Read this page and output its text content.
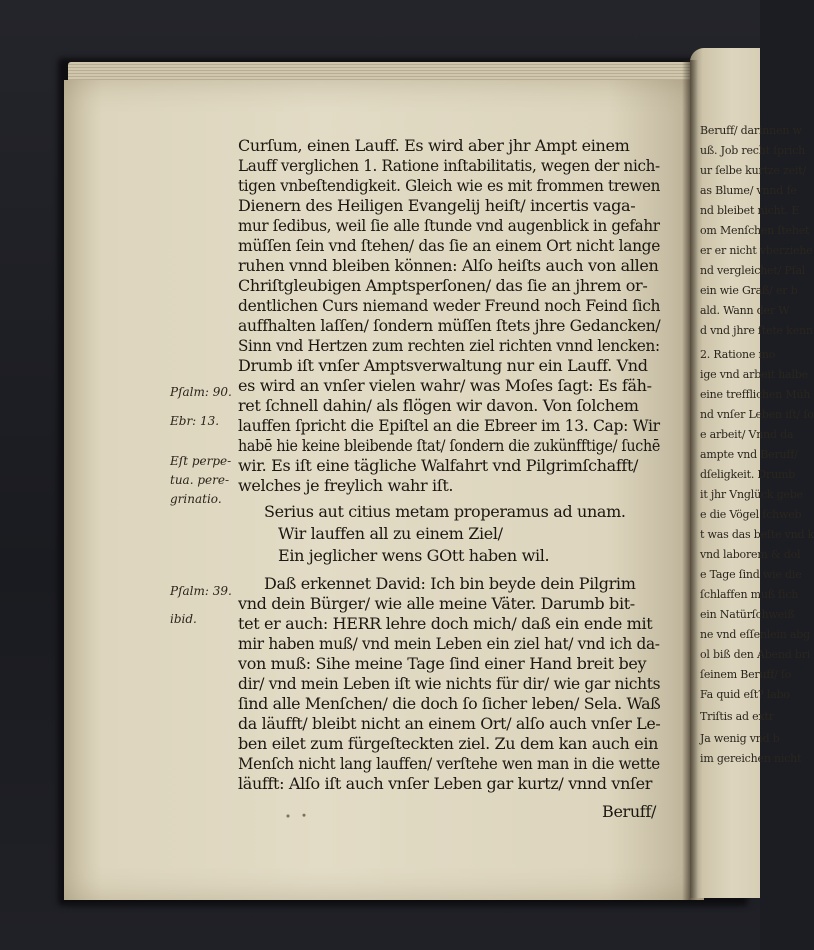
Beruff/ darinnen w
uß. Job recht ſprich
ur ſelbe kurtze zeit/
as Blume/ vnnd fe
nd bleibet nicht. E
om Menſchen ſtehet
er er nicht vberziehe
nd vergleichet/ Pſal
ein wie Graß/ er b
ald. Wann der W
d vnd jhre ſtete kenn
2. Ratione mo
ige vnd arbeit halbe
eine trefflichen Müh
nd vnſer Leben iſt/ ſo
e arbeit/ Vnnd da
ampte vnd Beruff/
dſeligkeit. Drumb
it jhr Vnglück gebe
e die Vögel ſchweb
t was das beſte vnd k
vnd laborem & dol
e Tage ſind wie die
ſchlaffen muß ſich
ein Natürſchweiß
ne vnd eſſenlein abg
ol biß den Abend bri
ſeinem Beruff/ ſo
Fa quid eſt? labo
Triſtis ad extr
Ja wenig vnd b
im gereichen nicht
Curſum, einen Lauff. Es wird aber jhr Ampt einem
Lauff verglichen 1. Ratione inſtabilitatis, wegen der nich-
tigen vnbeſtendigkeit. Gleich wie es mit frommen trewen
Dienern des Heiligen Evangelij heiſt/ incertis vaga-
mur ſedibus, weil ſie alle ſtunde vnd augenblick in gefahr
müſſen ſein vnd ſtehen/ das ſie an einem Ort nicht lange
ruhen vnnd bleiben können: Alſo heiſts auch von allen
Chriſtgleubigen Amptsperſonen/ das ſie an jhrem or-
dentlichen Curs niemand weder Freund noch Feind ſich
auffhalten laſſen/ ſondern müſſen ſtets jhre Gedancken/
Sinn vnd Hertzen zum rechten ziel richten vnnd lencken:
Drumb iſt vnſer Amptsverwaltung nur ein Lauff. Vnd
es wird an vnſer vielen wahr/ was Moſes ſagt: Es fäh-
ret ſchnell dahin/ als flögen wir davon. Von ſolchem
lauffen ſpricht die Epiſtel an die Ebreer im 13. Cap: Wir
habē hie keine bleibende ſtat/ ſondern die zukünfftige/ ſuchē
wir. Es iſt eine tägliche Walfahrt vnd Pilgrimſchafft/
welches je freylich wahr iſt.
Serius aut citius metam properamus ad unam.
Wir lauffen all zu einem Ziel/
Ein jeglicher wens GOtt haben wil.
Daß erkennet David: Ich bin beyde dein Pilgrim
vnd dein Bürger/ wie alle meine Väter. Darumb bit-
tet er auch: HERR lehre doch mich/ daß ein ende mit
mir haben muß/ vnd mein Leben ein ziel hat/ vnd ich da-
von muß: Sihe meine Tage ſind einer Hand breit bey
dir/ vnd mein Leben iſt wie nichts für dir/ wie gar nichts
ſind alle Menſchen/ die doch ſo ſicher leben/ Sela. Waß
da läufft/ bleibt nicht an einem Ort/ alſo auch vnſer Le-
ben eilet zum fürgeſteckten ziel. Zu dem kan auch ein
Menſch nicht lang lauffen/ verſtehe wen man in die wette
läufft: Alſo iſt auch vnſer Leben gar kurtz/ vnnd vnſer
Beruff/
Pſalm: 90.
Ebr: 13.
Eſt perpe-
tua. pere-
grinatio.
Pſalm: 39.
ibid.
